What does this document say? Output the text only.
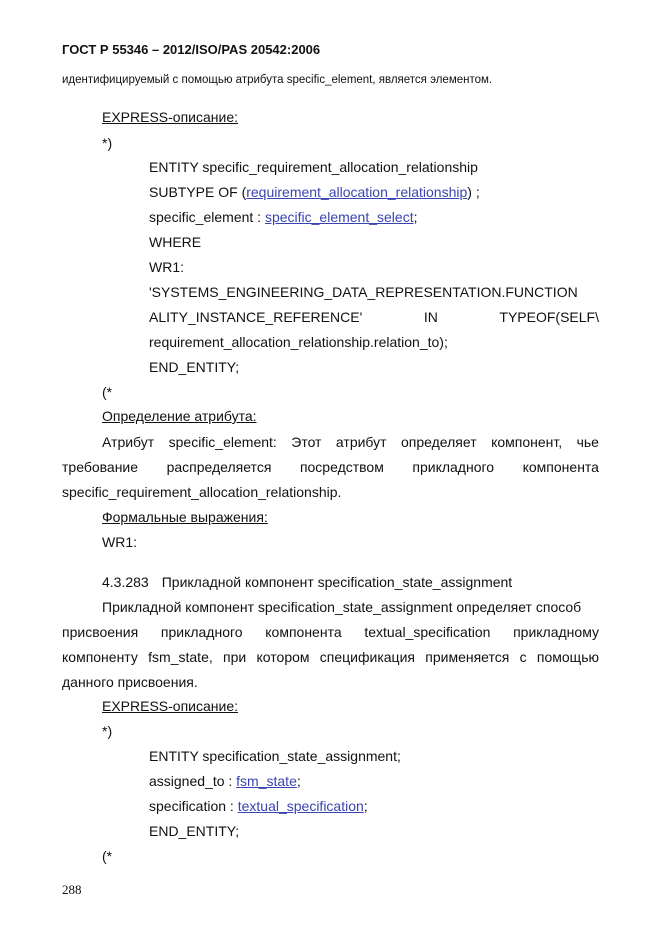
ГОСТ Р 55346 – 2012/ISO/PAS 20542:2006
идентифицируемый с помощью атрибута specific_element, является элементом.
EXPRESS-описание:
*)
ENTITY specific_requirement_allocation_relationship
SUBTYPE OF (requirement_allocation_relationship) ;
specific_element : specific_element_select;
WHERE
WR1:
'SYSTEMS_ENGINEERING_DATA_REPRESENTATION.FUNCTION
ALITY_INSTANCE_REFERENCE'	IN	TYPEOF(SELF\
requirement_allocation_relationship.relation_to);
END_ENTITY;
(*
Определение атрибута:
Атрибут specific_element: Этот атрибут определяет компонент, чье
требование распределяется посредством прикладного компонента
specific_requirement_allocation_relationship.
Формальные выражения:
WR1:
4.3.283 Прикладной компонент specification_state_assignment
Прикладной компонент specification_state_assignment определяет способ
присвоения прикладного компонента textual_specification прикладному
компоненту fsm_state, при котором спецификация применяется с помощью
данного присвоения.
EXPRESS-описание:
*)
ENTITY specification_state_assignment;
assigned_to : fsm_state;
specification : textual_specification;
END_ENTITY;
(*
288
